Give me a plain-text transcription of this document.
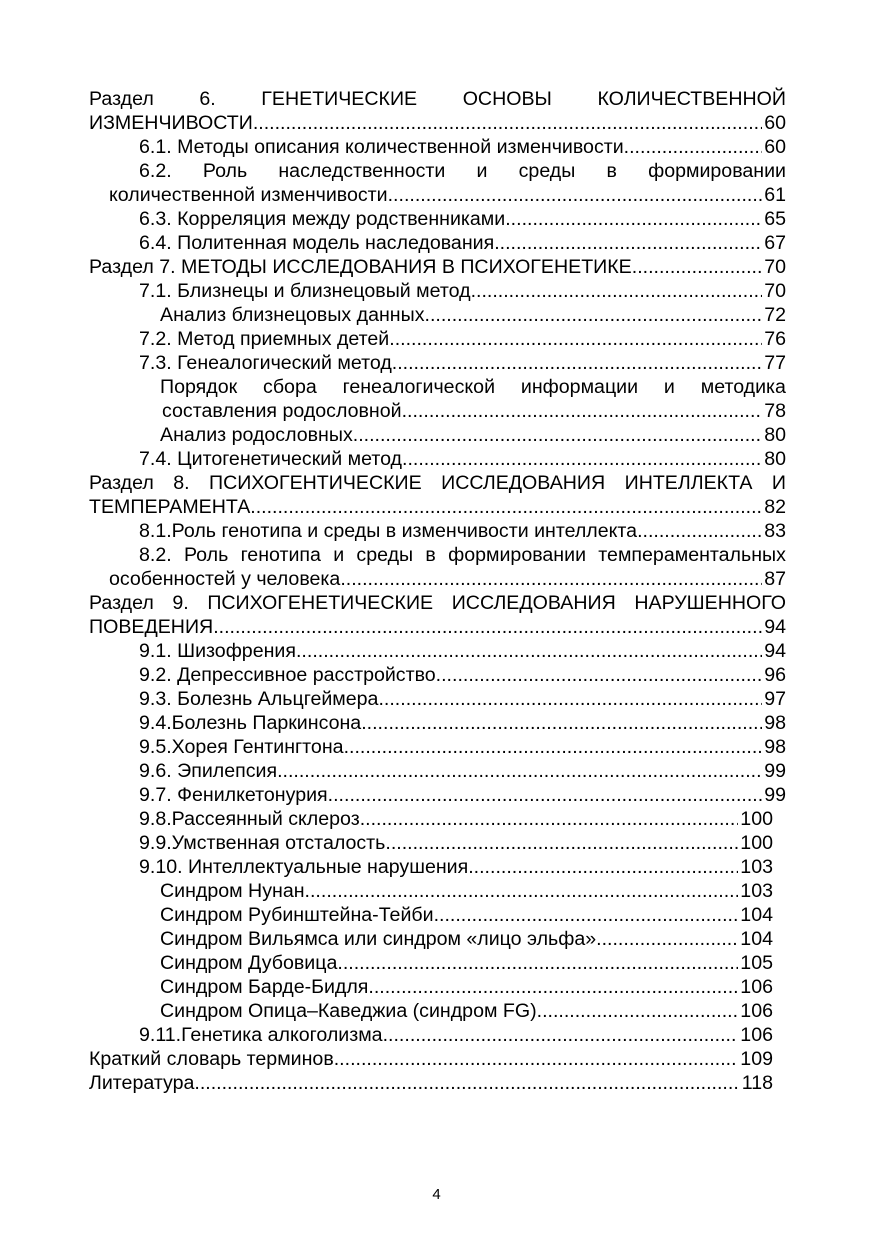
Раздел 6. ГЕНЕТИЧЕСКИЕ ОСНОВЫ КОЛИЧЕСТВЕННОЙ
ИЗМЕНЧИВОСТИ .....	60
6.1. Методы описания количественной изменчивости .....	60
6.2. Роль наследственности и среды в формировании
количественной изменчивости .....	61
6.3. Корреляция между родственниками .....	65
6.4. Политенная модель наследования .....	67
Раздел 7. МЕТОДЫ ИССЛЕДОВАНИЯ В ПСИХОГЕНЕТИКЕ .....	70
7.1. Близнецы и близнецовый метод .....	70
Анализ близнецовых данных .....	72
7.2. Метод приемных детей .....	76
7.3. Генеалогический метод .....	77
Порядок сбора генеалогической информации и методика
составления родословной .....	78
Анализ родословных .....	80
7.4. Цитогенетический метод .....	80
Раздел 8. ПСИХОГЕНТИЧЕСКИЕ ИССЛЕДОВАНИЯ ИНТЕЛЛЕКТА И
ТЕМПЕРАМЕНТА .....	82
8.1.Роль генотипа и среды в изменчивости интеллекта .....	83
8.2. Роль генотипа и среды в формировании темпераментальных
особенностей у человека .....	87
Раздел 9. ПСИХОГЕНЕТИЧЕСКИЕ ИССЛЕДОВАНИЯ НАРУШЕННОГО
ПОВЕДЕНИЯ .....	94
9.1. Шизофрения .....	94
9.2. Депрессивное расстройство .....	96
9.3. Болезнь Альцгеймера .....	97
9.4.Болезнь Паркинсона .....	98
9.5.Хорея Гентингтона .....	98
9.6. Эпилепсия .....	99
9.7. Фенилкетонурия .....	99
9.8.Рассеянный склероз .....	100
9.9.Умственная отсталость .....	100
9.10. Интеллектуальные нарушения .....	103
Синдром Нунан .....	103
Синдром Рубинштейна-Тейби .....	104
Синдром Вильямса или синдром «лицо эльфа» .....	104
Синдром Дубовица .....	105
Синдром Барде-Бидля .....	106
Синдром Опица–Каведжиа (синдром FG) .....	106
9.11.Генетика алкоголизма .....	106
Краткий словарь терминов .....	109
Литература .....	118
4
